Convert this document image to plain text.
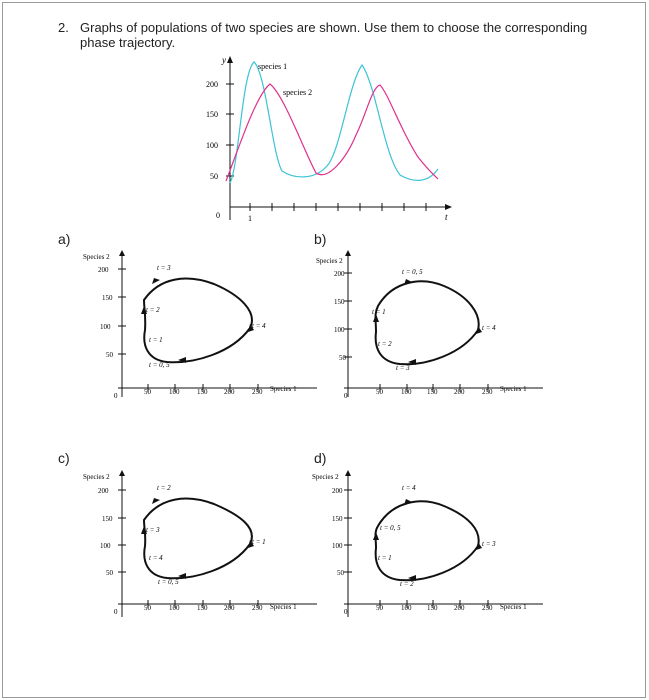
2. Graphs of populations of two species are shown. Use them to choose the corresponding phase trajectory.
y
t
0	1
200
150
100
50
species 1
species 2
a)	b)
c)	d)
Species 2
Species 1
0
200
150
100
50
50	100	150 200	250
t = 3
t = 2
t = 1
t = 0, 5
t = 4
Species 2
Species 1
0
200
150
100
50
50	100 150 200	250
t = 0, 5
t = 1
t = 2
t = 3
t = 4
Species 2
Species 1
0
200
150
100
50
50	100	150 200	250
t = 2
t = 3
t = 4
t = 0, 5
t = 1
Species 2
Species 1
0
200
150
100
50
50	100 150 200	250
t = 4
t = 0, 5
t = 1
t = 2
t = 3
